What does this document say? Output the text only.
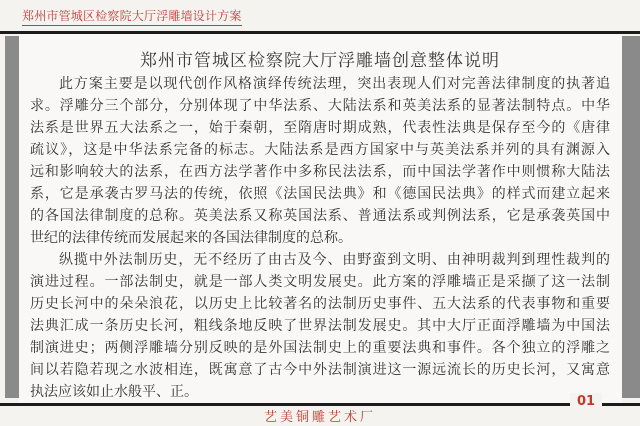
郑州市管城区检察院大厅浮雕墙设计方案
郑州市管城区检察院大厅浮雕墙创意整体说明
此方案主要是以现代创作风格演绎传统法理，突出表现人们对完善法律制度的执著追
求。浮雕分三个部分，分别体现了中华法系、大陆法系和英美法系的显著法制特点。中华
法系是世界五大法系之一，始于秦朝，至隋唐时期成熟，代表性法典是保存至今的《唐律
疏议》，这是中华法系完备的标志。大陆法系是西方国家中与英美法系并列的具有渊源入
远和影响较大的法系，在西方法学著作中多称民法法系，而中国法学著作中则惯称大陆法
系，它是承袭古罗马法的传统，依照《法国民法典》和《德国民法典》的样式而建立起来
的各国法律制度的总称。英美法系又称英国法系、普通法系或判例法系，它是承袭英国中
世纪的法律传统而发展起来的各国法律制度的总称。
纵揽中外法制历史，无不经历了由古及今、由野蛮到文明、由神明裁判到理性裁判的
演进过程。一部法制史，就是一部人类文明发展史。此方案的浮雕墙正是采撷了这一法制
历史长河中的朵朵浪花，以历史上比较著名的法制历史事件、五大法系的代表事物和重要
法典汇成一条历史长河，粗线条地反映了世界法制发展史。其中大厅正面浮雕墙为中国法
制演进史；两侧浮雕墙分别反映的是外国法制史上的重要法典和事件。各个独立的浮雕之
间以若隐若现之水波相连，既寓意了古今中外法制演进这一源远流长的历史长河，又寓意
执法应该如止水般平、正。
01
艺美铜雕艺术厂
